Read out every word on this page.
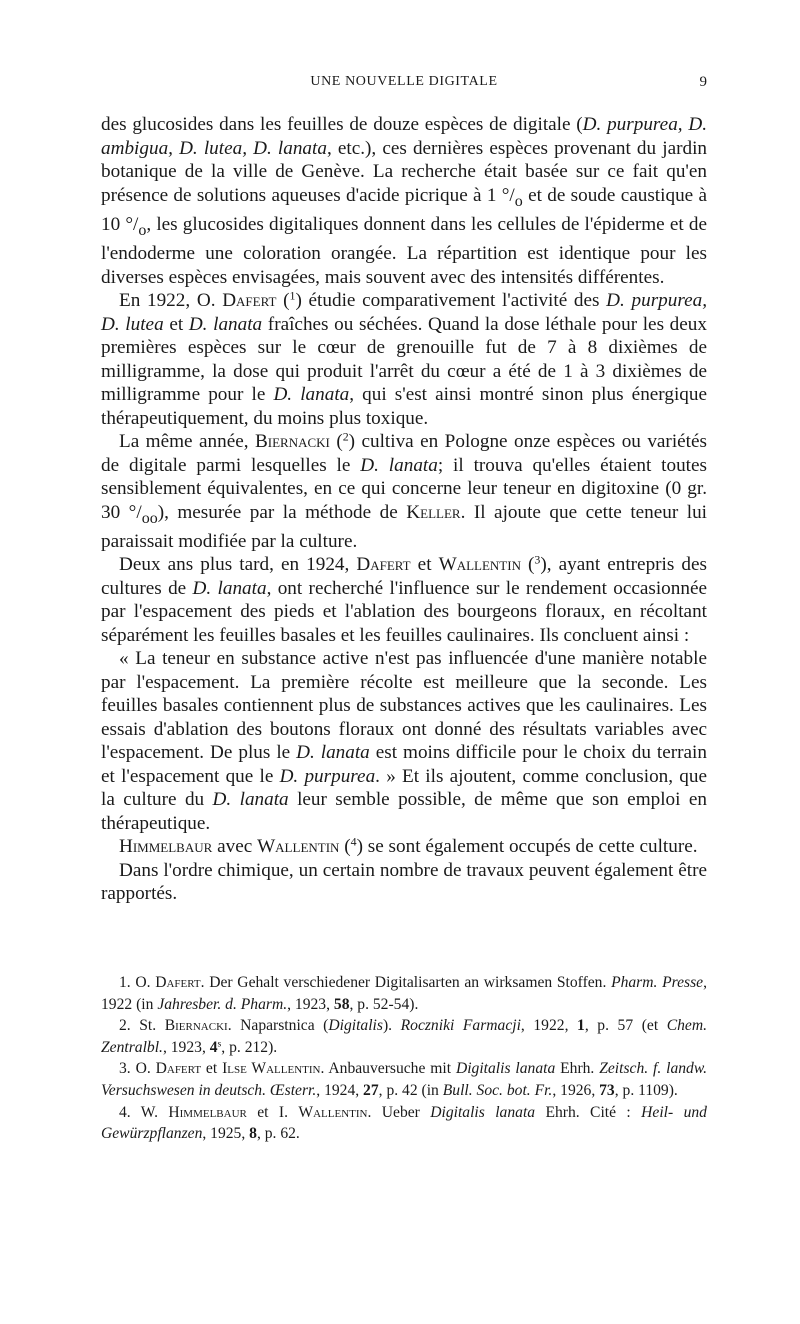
UNE NOUVELLE DIGITALE	9

des glucosides dans les feuilles de douze espèces de digitale (D. purpurea, D. ambigua, D. lutea, D. lanata, etc.), ces dernières espèces provenant du jardin botanique de la ville de Genève. La recherche était basée sur ce fait qu'en présence de solutions aqueuses d'acide picrique à 1 $^\circ/_o$ et de soude caustique à 10 $^\circ/_o$, les glucosides digitaliques donnent dans les cellules de l'épiderme et de l'endoderme une coloration orangée. La répartition est identique pour les diverses espèces envisagées, mais souvent avec des intensités différentes.

En 1922, O. Dafert ($^1$) étudie comparativement l'activité des D. purpurea, D. lutea et D. lanata fraîches ou séchées. Quand la dose léthale pour les deux premières espèces sur le cœur de grenouille fut de 7 à 8 dixièmes de milligramme, la dose qui produit l'arrêt du cœur a été de 1 à 3 dixièmes de milligramme pour le D. lanata, qui s'est ainsi montré sinon plus énergique thérapeutiquement, du moins plus toxique.

La même année, Biernacki ($^2$) cultiva en Pologne onze espèces ou variétés de digitale parmi lesquelles le D. lanata; il trouva qu'elles étaient toutes sensiblement équivalentes, en ce qui concerne leur teneur en digitoxine (0 gr. 30 $^\circ/_{oo}$), mesurée par la méthode de Keller. Il ajoute que cette teneur lui paraissait modifiée par la culture.

Deux ans plus tard, en 1924, Dafert et Wallentin ($^3$), ayant entrepris des cultures de D. lanata, ont recherché l'influence sur le rendement occasionnée par l'espacement des pieds et l'ablation des bourgeons floraux, en récoltant séparément les feuilles basales et les feuilles caulinaires. Ils concluent ainsi :

« La teneur en substance active n'est pas influencée d'une manière notable par l'espacement. La première récolte est meilleure que la seconde. Les feuilles basales contiennent plus de substances actives que les caulinaires. Les essais d'ablation des boutons floraux ont donné des résultats variables avec l'espacement. De plus le D. lanata est moins difficile pour le choix du terrain et l'espacement que le D. purpurea. » Et ils ajoutent, comme conclusion, que la culture du D. lanata leur semble possible, de même que son emploi en thérapeutique.

Himmelbaur avec Wallentin ($^4$) se sont également occupés de cette culture.

Dans l'ordre chimique, un certain nombre de travaux peuvent également être rapportés.

1. O. Dafert. Der Gehalt verschiedener Digitalisarten an wirksamen Stoffen. Pharm. Presse, 1922 (in Jahresber. d. Pharm., 1923, 58, p. 52-54).

2. St. Biernacki. Naparstnica (Digitalis). Roczniki Farmacji, 1922, 1, p. 57 (et Chem. Zentralbl., 1923, 4$^s$, p. 212).

3. O. Dafert et Ilse Wallentin. Anbauversuche mit Digitalis lanata Ehrh. Zeitsch. f. landw. Versuchswesen in deutsch. Œsterr., 1924, 27, p. 42 (in Bull. Soc. bot. Fr., 1926, 73, p. 1109).

4. W. Himmelbaur et I. Wallentin. Ueber Digitalis lanata Ehrh. Cité : Heil- und Gewürzpflanzen, 1925, 8, p. 62.
